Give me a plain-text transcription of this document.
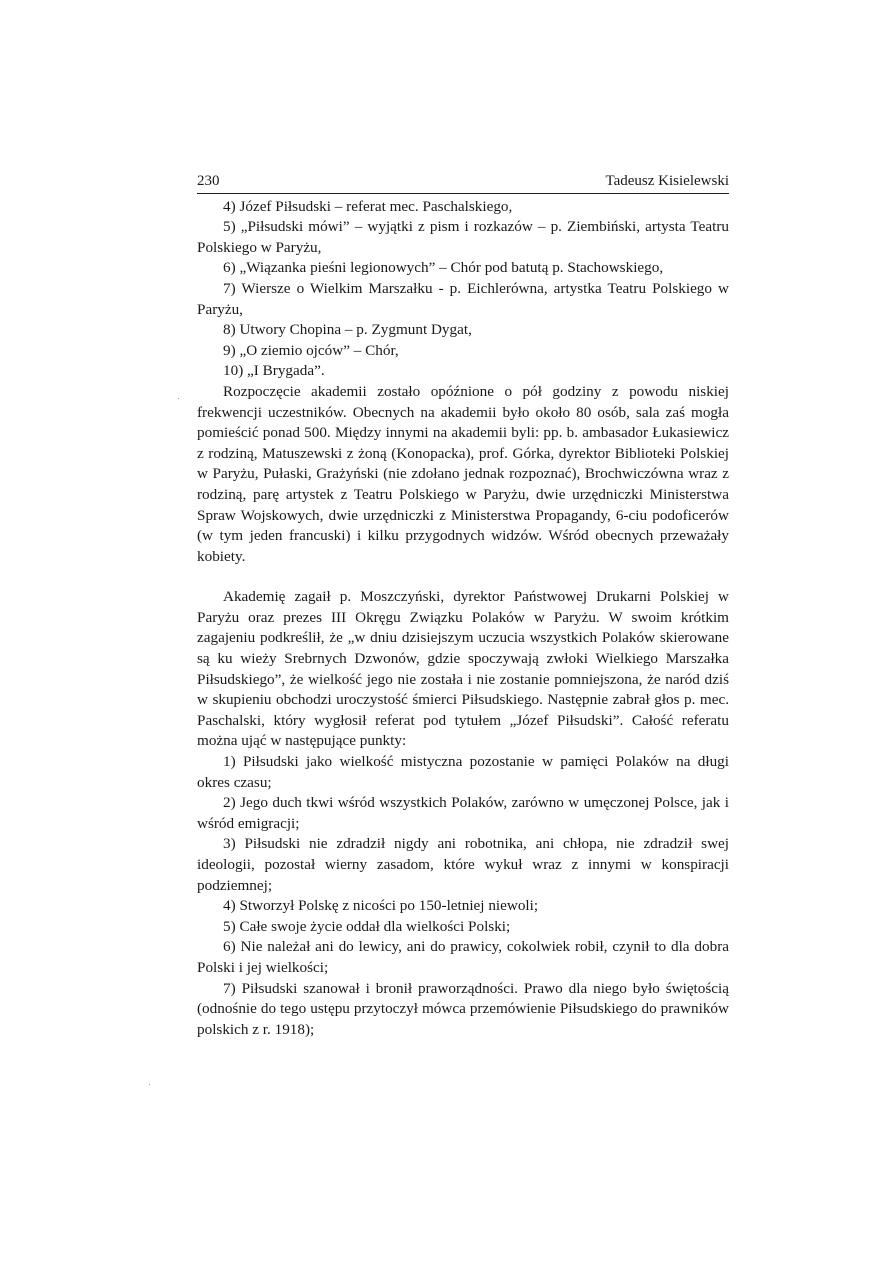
230	Tadeusz Kisielewski

4) Józef Piłsudski – referat mec. Paschalskiego,

5) „Piłsudski mówi” – wyjątki z pism i rozkazów – p. Ziembiński, artysta Teatru Polskiego w Paryżu,

6) „Wiązanka pieśni legionowych” – Chór pod batutą p. Stachowskiego,

7) Wiersze o Wielkim Marszałku - p. Eichlerówna, artystka Teatru Polskiego w Paryżu,

8) Utwory Chopina – p. Zygmunt Dygat,

9) „O ziemio ojców” – Chór,

10) „I Brygada”.

Rozpoczęcie akademii zostało opóźnione o pół godziny z powodu niskiej frekwencji uczestników. Obecnych na akademii było około 80 osób, sala zaś mogła pomieścić ponad 500. Między innymi na akademii byli: pp. b. ambasador Łukasiewicz z rodziną, Matuszewski z żoną (Konopacka), prof. Górka, dyrektor Biblioteki Polskiej w Paryżu, Pułaski, Grażyński (nie zdołano jednak rozpoznać), Brochwiczówna wraz z rodziną, parę artystek z Teatru Polskiego w Paryżu, dwie urzędniczki Ministerstwa Spraw Wojskowych, dwie urzędniczki z Ministerstwa Propagandy, 6-ciu podoficerów (w tym jeden francuski) i kilku przygodnych widzów. Wśród obecnych przeważały kobiety.

Akademię zagaił p. Moszczyński, dyrektor Państwowej Drukarni Polskiej w Paryżu oraz prezes III Okręgu Związku Polaków w Paryżu. W swoim krótkim zagajeniu podkreślił, że „w dniu dzisiejszym uczucia wszystkich Polaków skierowane są ku wieży Srebrnych Dzwonów, gdzie spoczywają zwłoki Wielkiego Marszałka Piłsudskiego”, że wielkość jego nie została i nie zostanie pomniejszona, że naród dziś w skupieniu obchodzi uroczystość śmierci Piłsudskiego. Następnie zabrał głos p. mec. Paschalski, który wygłosił referat pod tytułem „Józef Piłsudski”. Całość referatu można ująć w następujące punkty:

1) Piłsudski jako wielkość mistyczna pozostanie w pamięci Polaków na długi okres czasu;

2) Jego duch tkwi wśród wszystkich Polaków, zarówno w umęczonej Polsce, jak i wśród emigracji;

3) Piłsudski nie zdradził nigdy ani robotnika, ani chłopa, nie zdradził swej ideologii, pozostał wierny zasadom, które wykuł wraz z innymi w konspiracji podziemnej;

4) Stworzył Polskę z nicości po 150-letniej niewoli;

5) Całe swoje życie oddał dla wielkości Polski;

6) Nie należał ani do lewicy, ani do prawicy, cokolwiek robił, czynił to dla dobra Polski i jej wielkości;

7) Piłsudski szanował i bronił praworządności. Prawo dla niego było świętością (odnośnie do tego ustępu przytoczył mówca przemówienie Piłsudskiego do prawników polskich z r. 1918);
